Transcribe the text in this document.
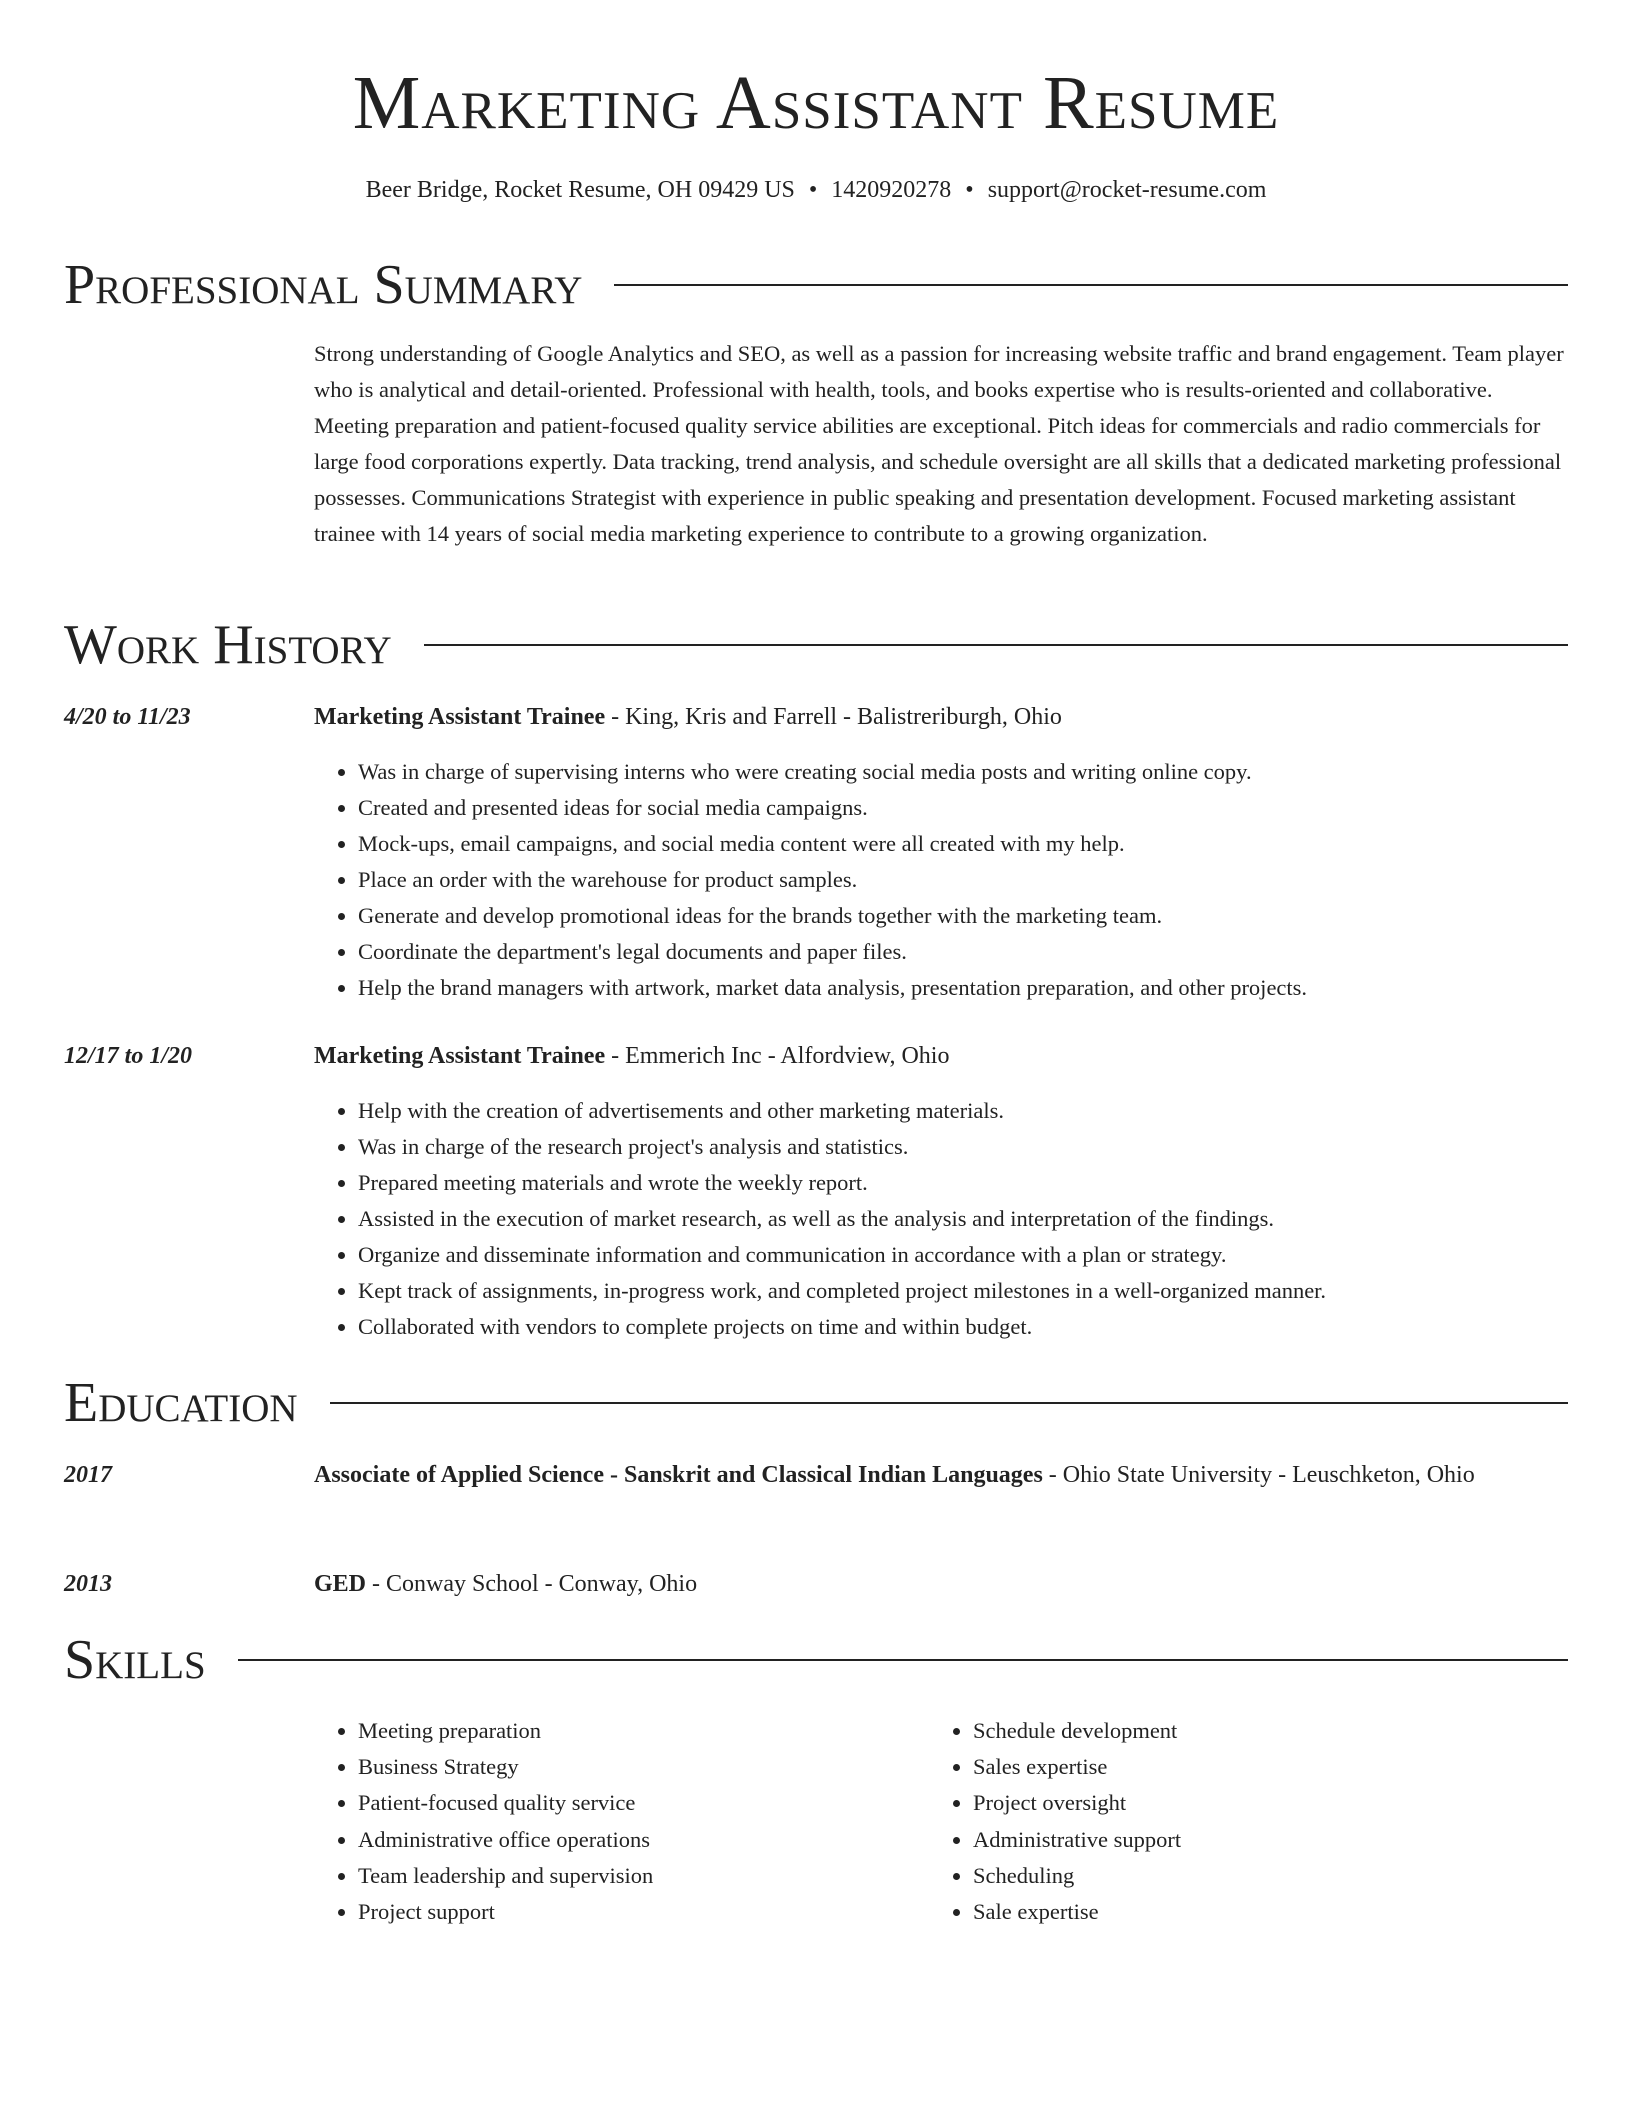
Marketing Assistant Resume
Beer Bridge, Rocket Resume, OH 09429 US • 1420920278 • support@rocket-resume.com
Professional Summary
Strong understanding of Google Analytics and SEO, as well as a passion for increasing website traffic and brand engagement. Team player who is analytical and detail-oriented. Professional with health, tools, and books expertise who is results-oriented and collaborative. Meeting preparation and patient-focused quality service abilities are exceptional. Pitch ideas for commercials and radio commercials for large food corporations expertly. Data tracking, trend analysis, and schedule oversight are all skills that a dedicated marketing professional possesses. Communications Strategist with experience in public speaking and presentation development. Focused marketing assistant trainee with 14 years of social media marketing experience to contribute to a growing organization.
Work History
4/20 to 11/23	Marketing Assistant Trainee - King, Kris and Farrell - Balistreriburgh, Ohio
• Was in charge of supervising interns who were creating social media posts and writing online copy.
• Created and presented ideas for social media campaigns.
• Mock-ups, email campaigns, and social media content were all created with my help.
• Place an order with the warehouse for product samples.
• Generate and develop promotional ideas for the brands together with the marketing team.
• Coordinate the department's legal documents and paper files.
• Help the brand managers with artwork, market data analysis, presentation preparation, and other projects.
12/17 to 1/20	Marketing Assistant Trainee - Emmerich Inc - Alfordview, Ohio
• Help with the creation of advertisements and other marketing materials.
• Was in charge of the research project's analysis and statistics.
• Prepared meeting materials and wrote the weekly report.
• Assisted in the execution of market research, as well as the analysis and interpretation of the findings.
• Organize and disseminate information and communication in accordance with a plan or strategy.
• Kept track of assignments, in-progress work, and completed project milestones in a well-organized manner.
• Collaborated with vendors to complete projects on time and within budget.
Education
2017	Associate of Applied Science - Sanskrit and Classical Indian Languages - Ohio State University - Leuschketon, Ohio
2013	GED - Conway School - Conway, Ohio
Skills
• Meeting preparation
• Business Strategy
• Patient-focused quality service
• Administrative office operations
• Team leadership and supervision
• Project support
• Schedule development
• Sales expertise
• Project oversight
• Administrative support
• Scheduling
• Sale expertise
